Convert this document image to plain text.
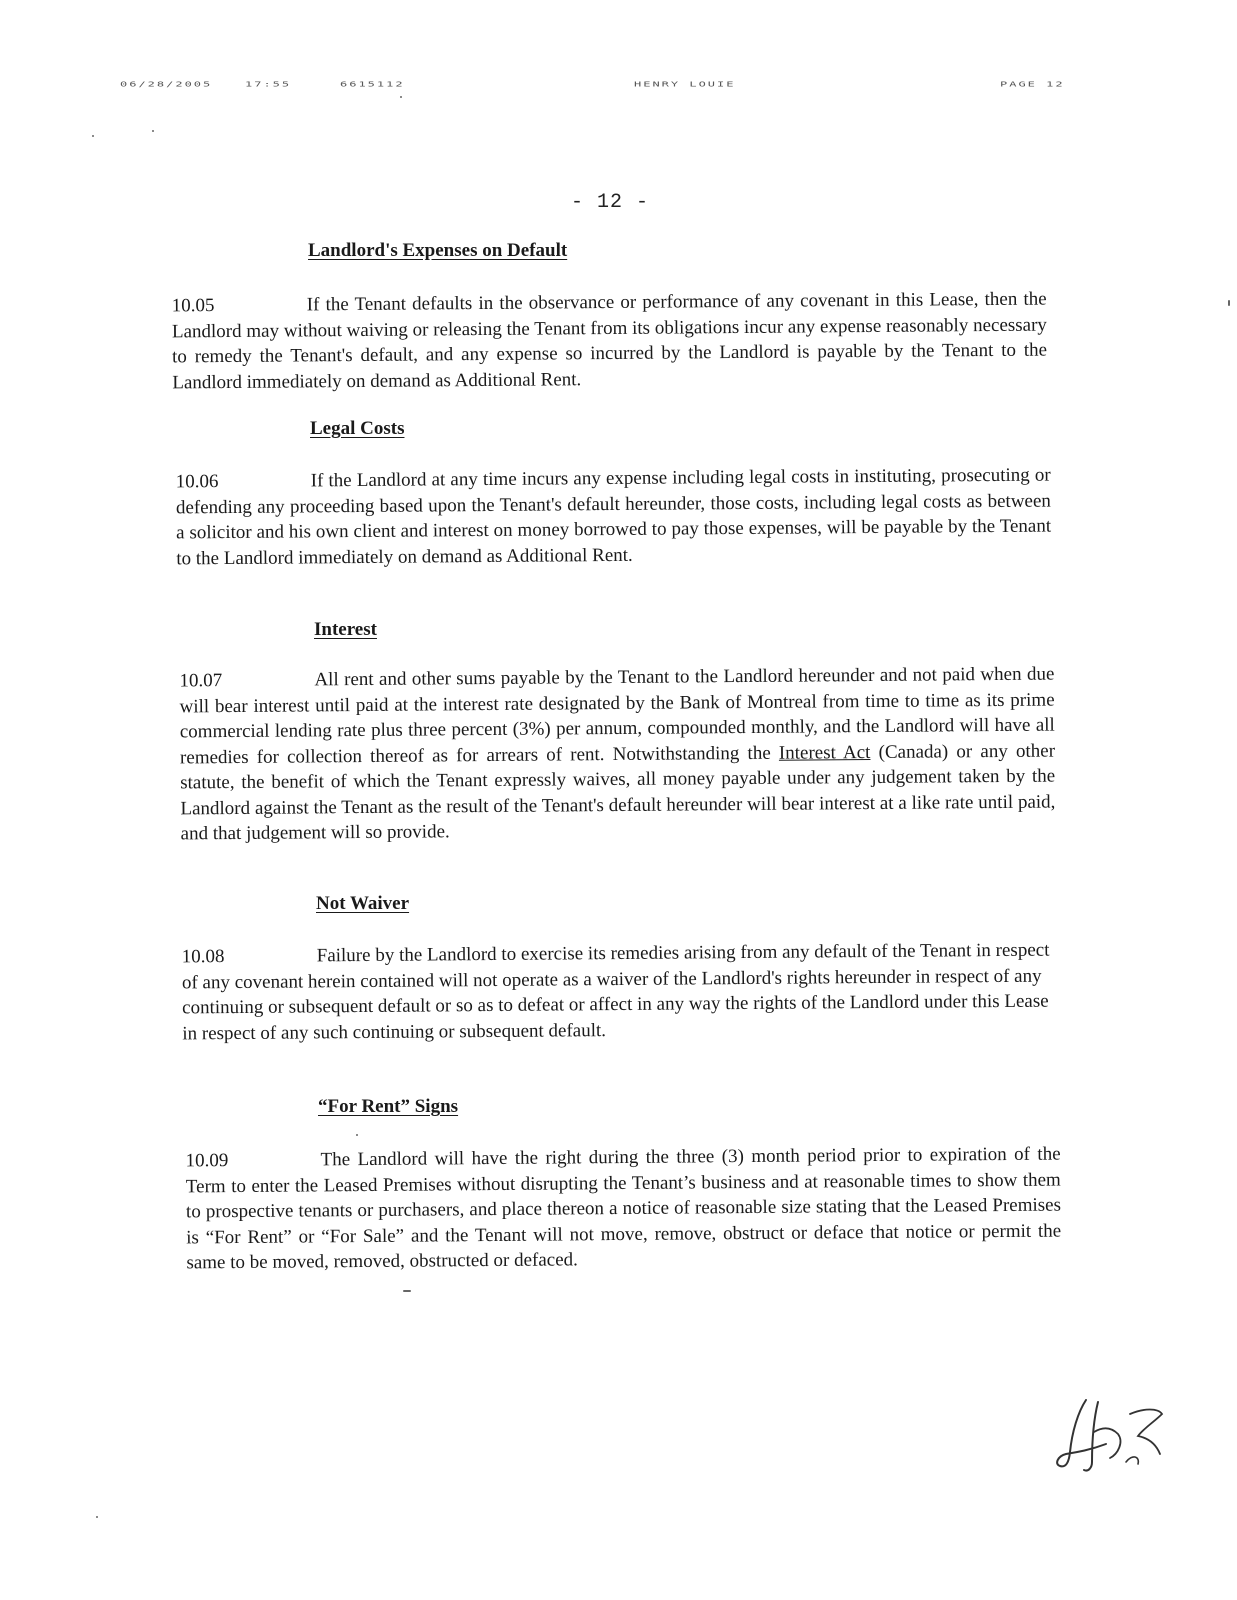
06/28/2005	17:55	6615112	HENRY LOUIE	PAGE 12
- 12 -
Landlord's Expenses on Default
10.05	If the Tenant defaults in the observance or performance of any covenant in this Lease, then the Landlord may without waiving or releasing the Tenant from its obligations incur any expense reasonably necessary to remedy the Tenant's default, and any expense so incurred by the Landlord is payable by the Tenant to the Landlord immediately on demand as Additional Rent.
Legal Costs
10.06	If the Landlord at any time incurs any expense including legal costs in instituting, prosecuting or defending any proceeding based upon the Tenant's default hereunder, those costs, including legal costs as between a solicitor and his own client and interest on money borrowed to pay those expenses, will be payable by the Tenant to the Landlord immediately on demand as Additional Rent.
Interest
10.07	All rent and other sums payable by the Tenant to the Landlord hereunder and not paid when due will bear interest until paid at the interest rate designated by the Bank of Montreal from time to time as its prime commercial lending rate plus three percent (3%) per annum, compounded monthly, and the Landlord will have all remedies for collection thereof as for arrears of rent. Notwithstanding the Interest Act (Canada) or any other statute, the benefit of which the Tenant expressly waives, all money payable under any judgement taken by the Landlord against the Tenant as the result of the Tenant's default hereunder will bear interest at a like rate until paid, and that judgement will so provide.
Not Waiver
10.08	Failure by the Landlord to exercise its remedies arising from any default of the Tenant in respect of any covenant herein contained will not operate as a waiver of the Landlord's rights hereunder in respect of any continuing or subsequent default or so as to defeat or affect in any way the rights of the Landlord under this Lease in respect of any such continuing or subsequent default.
“For Rent” Signs
10.09	The Landlord will have the right during the three (3) month period prior to expiration of the Term to enter the Leased Premises without disrupting the Tenant’s business and at reasonable times to show them to prospective tenants or purchasers, and place thereon a notice of reasonable size stating that the Leased Premises is “For Rent” or “For Sale” and the Tenant will not move, remove, obstruct or deface that notice or permit the same to be moved, removed, obstructed or defaced.
